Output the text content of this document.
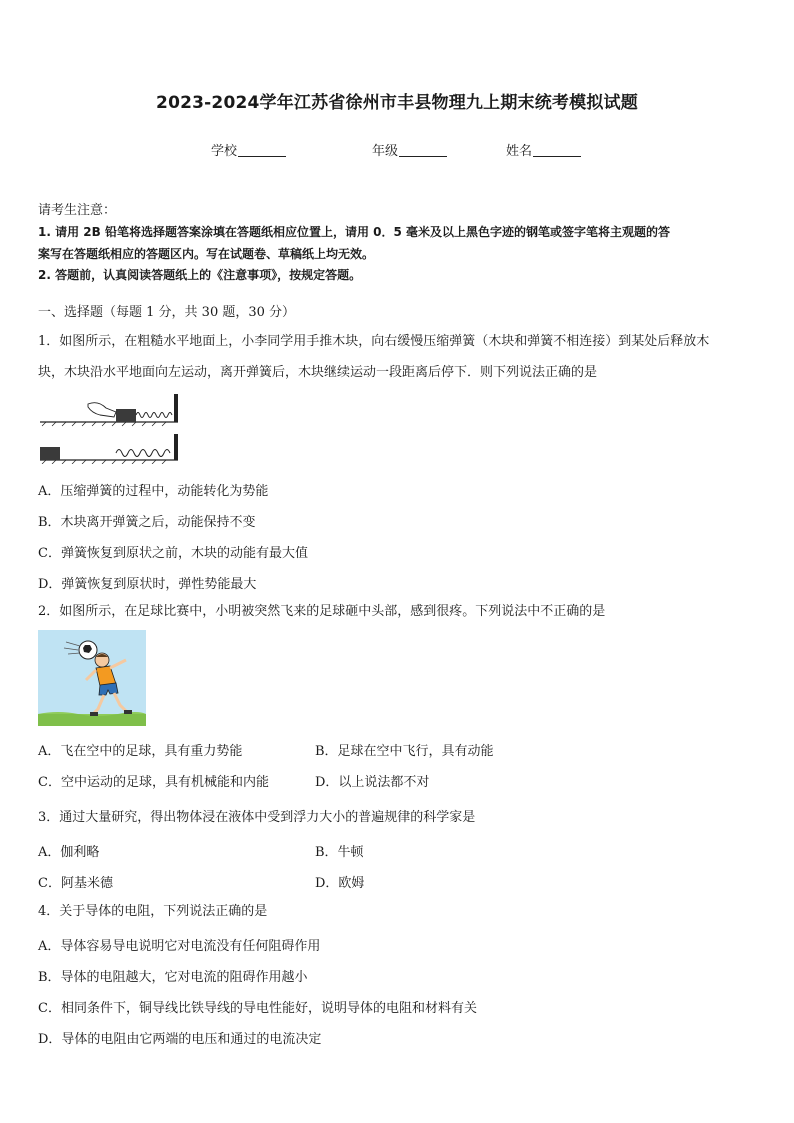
2023-2024学年江苏省徐州市丰县物理九上期末统考模拟试题
学校	年级	姓名
请考生注意：
1. 请用 2B 铅笔将选择题答案涂填在答题纸相应位置上，请用 0．5 毫米及以上黑色字迹的钢笔或签字笔将主观题的答
案写在答题纸相应的答题区内。写在试题卷、草稿纸上均无效。
2. 答题前，认真阅读答题纸上的《注意事项》，按规定答题。
一、选择题（每题 1 分，共 30 题，30 分）
1．如图所示，在粗糙水平地面上，小李同学用手推木块，向右缓慢压缩弹簧（木块和弹簧不相连接）到某处后释放木
块，木块沿水平地面向左运动，离开弹簧后，木块继续运动一段距离后停下．则下列说法正确的是
A．压缩弹簧的过程中，动能转化为势能
B．木块离开弹簧之后，动能保持不变
C．弹簧恢复到原状之前，木块的动能有最大值
D．弹簧恢复到原状时，弹性势能最大
2．如图所示，在足球比赛中，小明被突然飞来的足球砸中头部，感到很疼。下列说法中不正确的是
A．飞在空中的足球，具有重力势能	B．足球在空中飞行，具有动能
C．空中运动的足球，具有机械能和内能	D．以上说法都不对
3．通过大量研究，得出物体浸在液体中受到浮力大小的普遍规律的科学家是
A．伽利略	B．牛顿
C．阿基米德	D．欧姆
4．关于导体的电阻，下列说法正确的是
A．导体容易导电说明它对电流没有任何阻碍作用
B．导体的电阻越大，它对电流的阻碍作用越小
C．相同条件下，铜导线比铁导线的导电性能好，说明导体的电阻和材料有关
D．导体的电阻由它两端的电压和通过的电流决定
